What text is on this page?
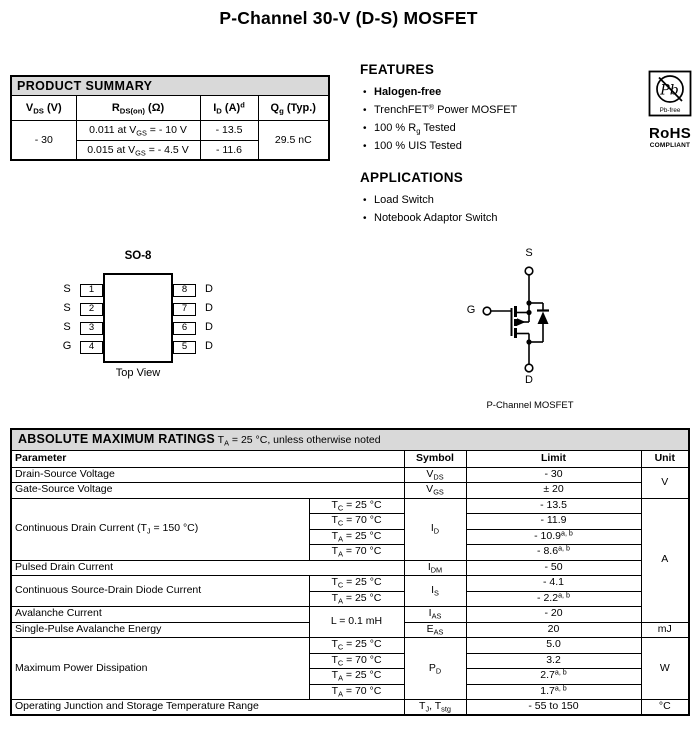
P-Channel 30-V (D-S) MOSFET
PRODUCT SUMMARY			
$V_{DS}$ (V)	$R_{DS(on)}$ (Ω)	$I_D$ $(A)^d$	$Q_g$ (Typ.)
- 30	0.011 at $V_{GS}$ = - 10 V	- 13.5	29.5 nC
	0.015 at $V_{GS}$ = - 4.5 V	- 11.6	
FEATURES
• Halogen-free
• TrenchFET® Power MOSFET
• 100 % $R_g$ Tested
• 100 % UIS Tested
APPLICATIONS
• Load Switch
• Notebook Adaptor Switch
Pb
Pb-free
RoHS
COMPLIANT
SO-8
S
S
S
G
1
2
3
4
8
7
6
5
D
D
D
D
Top View
S
G
D
P-Channel MOSFET
ABSOLUTE MAXIMUM RATINGS $T_A = 25$ °C, unless otherwise noted				
Parameter		Symbol	Limit	Unit
Drain-Source Voltage		$V_{DS}$	- 30	V
Gate-Source Voltage		$V_{GS}$	± 20	
Continuous Drain Current ($T_J = 150$ °C)	$T_C = 25$ °C	$I_D$	- 13.5	A
	$T_C = 70$ °C		- 11.9	
	$T_A = 25$ °C		- 10.9$^{a, b}$
	$T_A = 70$ °C		- 8.6$^{a, b}$
Pulsed Drain Current		$I_{DM}$	- 50	
Continuous Source-Drain Diode Current	$T_C = 25$ °C	$I_S$	- 4.1	
	$T_A = 25$ °C		- 2.2$^{a, b}$
Avalanche Current	L = 0.1 mH	$I_{AS}$	- 20	
Single-Pulse Avalanche Energy		$E_{AS}$	20	mJ
Maximum Power Dissipation	$T_C = 25$ °C	$P_D$	5.0	W
	$T_C = 70$ °C		3.2	
	$T_A = 25$ °C		2.7$^{a, b}$
	$T_A = 70$ °C		1.7$^{a, b}$
Operating Junction and Storage Temperature Range		$T_J$, $T_{stg}$	- 55 to 150	°C
